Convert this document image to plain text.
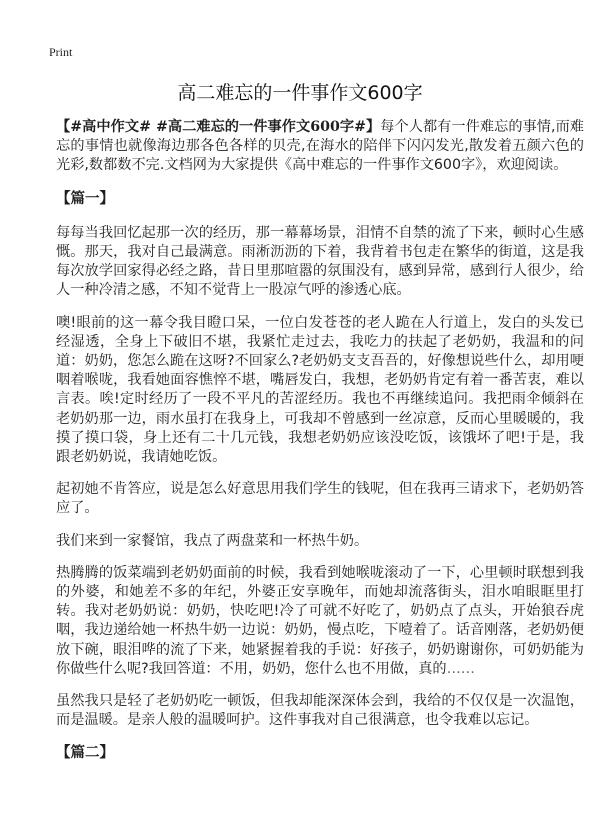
Print
高二难忘的一件事作文600字

【#高中作文# #高二难忘的一件事作文600字#】每个人都有一件难忘的事情,而难忘的事情也就像海边那各色各样的贝壳,在海水的陪伴下闪闪发光,散发着五颜六色的光彩,数都数不完.文档网为大家提供《高中难忘的一件事作文600字》，欢迎阅读。

【篇一】

每每当我回忆起那一次的经历，那一幕幕场景，泪情不自禁的流了下来，顿时心生感慨。那天，我对自己最满意。雨淅沥沥的下着，我背着书包走在繁华的街道，这是我每次放学回家得必经之路，昔日里那喧嚣的氛围没有，感到异常，感到行人很少，给人一种冷清之感，不知不觉背上一股凉气呼的渗透心底。

噢!眼前的这一幕令我目瞪口呆，一位白发苍苍的老人跪在人行道上，发白的头发已经湿透，全身上下破旧不堪，我紧忙走过去，我吃力的扶起了老奶奶，我温和的问道：奶奶，您怎么跪在这呀?不回家么?老奶奶支支吾吾的，好像想说些什么，却用哽咽着喉咙，我看她面容憔悴不堪，嘴唇发白，我想，老奶奶肯定有着一番苦衷，难以言表。唉!定时经历了一段不平凡的苦涩经历。我也不再继续追问。我把雨伞倾斜在老奶奶那一边，雨水虽打在我身上，可我却不曾感到一丝凉意，反而心里暖暖的，我摸了摸口袋，身上还有二十几元钱，我想老奶奶应该没吃饭，该饿坏了吧!于是，我跟老奶奶说，我请她吃饭。

起初她不肯答应，说是怎么好意思用我们学生的钱呢，但在我再三请求下，老奶奶答应了。

我们来到一家餐馆，我点了两盘菜和一杯热牛奶。

热腾腾的饭菜端到老奶奶面前的时候，我看到她喉咙滚动了一下，心里顿时联想到我的外婆，和她差不多的年纪，外婆正安享晚年，而她却流落街头，泪水咱眼眶里打转。我对老奶奶说：奶奶，快吃吧!冷了可就不好吃了，奶奶点了点头，开始狼吞虎咽，我边递给她一杯热牛奶一边说：奶奶，慢点吃，下噎着了。话音刚落，老奶奶便放下碗，眼泪哗的流了下来，她紧握着我的手说：好孩子，奶奶谢谢你，可奶奶能为你做些什么呢?我回答道：不用，奶奶，您什么也不用做，真的……

虽然我只是轻了老奶奶吃一顿饭，但我却能深深体会到，我给的不仅仅是一次温饱，而是温暖。是亲人般的温暖呵护。这件事我对自己很满意，也令我难以忘记。

【篇二】
